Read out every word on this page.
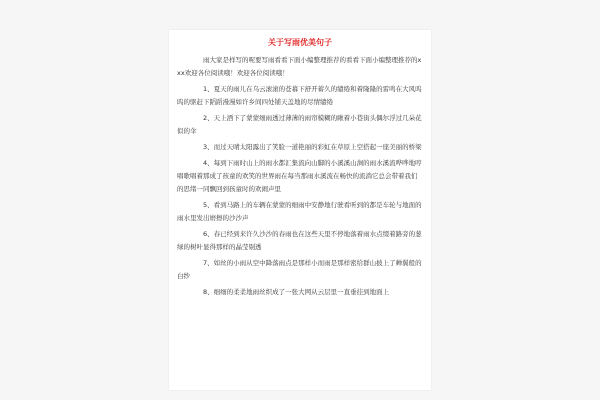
关于写雨优美句子

雨大家是样写的呢要写雨看看下面小编整理推荐的看看下面小编整理推荐的xxx欢迎各位阅读哦！欢迎各位阅读哦！

1、夏天的雨儿在乌云滚滚的苍幕下舒开蓄久的缱绻和着隆隆的雷鸣在大风呜呜的驱赶下蹈蹈漫漫如许乡间四处铺天盖地的尽情缱绻

2、天上洒下了蒙蒙细雨透过薄薄的雨帘模糊的瞅着小巷街头偶尔浮过几朵花似的伞

3、而过天晴太阳露出了笑脸一道艳丽的彩虹在草原上空搭起一座美丽的桥梁

4、每到下雨时山上的雨水都汇集流向山脚的小溪溪山涧的雨水溪流哗哗地哼唱歌唱着那成了孩童的欢笑的世界雨在每当那雨水溪流在畅快的流淌它总会带着我们的思绪一同飘回到孩童时的欢闹声里

5、看到马路上的车辆在蒙蒙的细雨中安静地行驶看听到的都是车轮与地面的雨水里发出磨擦的沙沙声

6、春已经到来许久沙沙的春雨也在这些天里不停地落着雨水点缀着路旁的葱绿的树叶显得那样的晶莹剔透

7、如丝的小雨从空中降落雨点是那样小而雨是那样密给群山披上了蝉翼般的白纱

8、细细的柔柔地雨丝织成了一张大网从云层里一直垂挂到地面上
